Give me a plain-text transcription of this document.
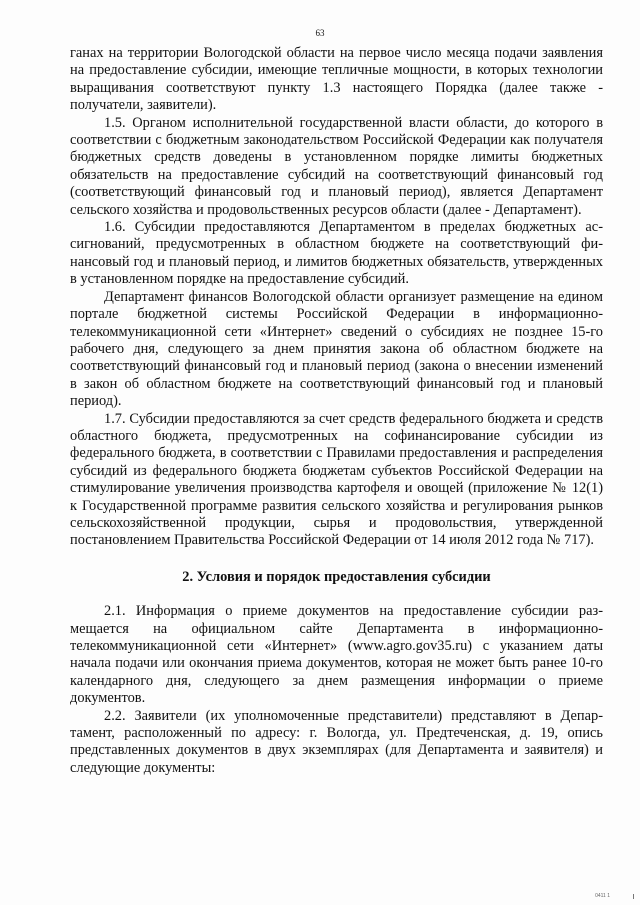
63

ганах на территории Вологодской области на первое число месяца подачи заявления на предоставление субсидии, имеющие тепличные мощности, в которых технологии выращивания соответствуют пункту 1.3 настоящего Порядка (далее также - получатели, заявители).

1.5. Органом исполнительной государственной власти области, до которого в соответствии с бюджетным законодательством Российской Федерации как получателя бюджетных средств доведены в установленном порядке лимиты бюджетных обязательств на предоставление субсидий на соответствующий финансовый год (соответствующий финансовый год и плановый период), является Департамент сельского хозяйства и продовольственных ресурсов области (далее - Департамент).

1.6. Субсидии предоставляются Департаментом в пределах бюджетных ассигнований, предусмотренных в областном бюджете на соответствующий финансовый год и плановый период, и лимитов бюджетных обязательств, утвержденных в установленном порядке на предоставление субсидий.

Департамент финансов Вологодской области организует размещение на едином портале бюджетной системы Российской Федерации в информационно-телекоммуникационной сети «Интернет» сведений о субсидиях не позднее 15-го рабочего дня, следующего за днем принятия закона об областном бюджете на соответствующий финансовый год и плановый период (закона о внесении изменений в закон об областном бюджете на соответствующий финансовый год и плановый период).

1.7. Субсидии предоставляются за счет средств федерального бюджета и средств областного бюджета, предусмотренных на софинансирование субсидии из федерального бюджета, в соответствии с Правилами предоставления и распределения субсидий из федерального бюджета бюджетам субъектов Российской Федерации на стимулирование увеличения производства картофеля и овощей (приложение № 12(1) к Государственной программе развития сельского хозяйства и регулирования рынков сельскохозяйственной продукции, сырья и продовольствия, утвержденной постановлением Правительства Российской Федерации от 14 июля 2012 года № 717).

2. Условия и порядок предоставления субсидии

2.1. Информация о приеме документов на предоставление субсидии размещается на официальном сайте Департамента в информационно-телекоммуникационной сети «Интернет» (www.agro.gov35.ru) с указанием даты начала подачи или окончания приема документов, которая не может быть ранее 10-го календарного дня, следующего за днем размещения информации о приеме документов.

2.2. Заявители (их уполномоченные представители) представляют в Департамент, расположенный по адресу: г. Вологда, ул. Предтеченская, д. 19, опись представленных документов в двух экземплярах (для Департамента и заявителя) и следующие документы:

0411 1
